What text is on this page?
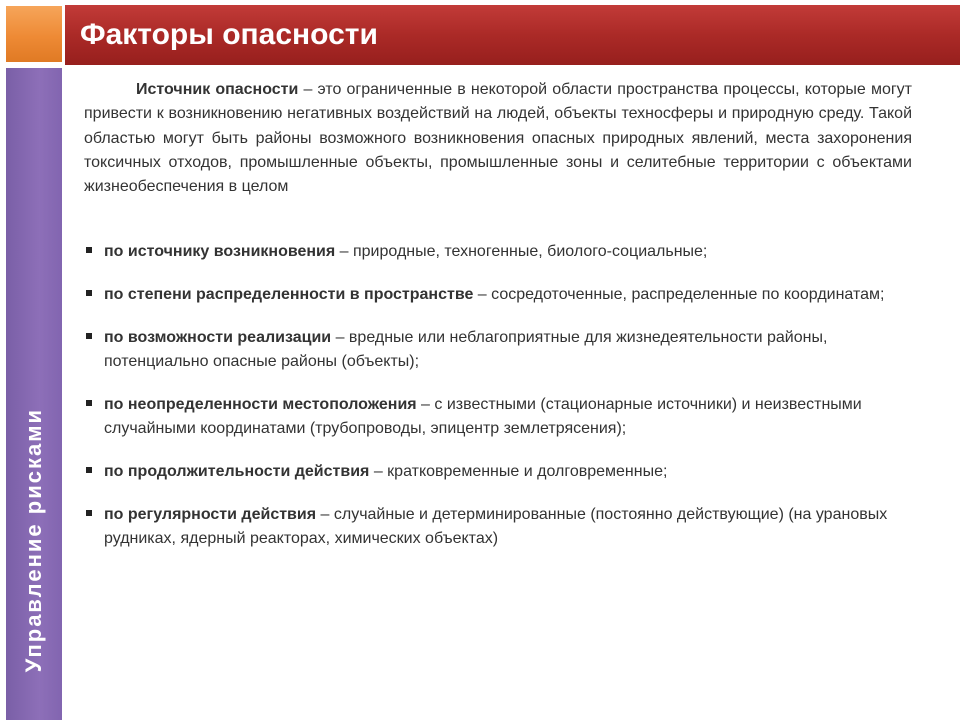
Факторы опасности
Управление рисками

Источник опасности – это ограниченные в некоторой области пространства процессы, которые могут привести к возникновению негативных воздействий на людей, объекты техносферы и природную среду. Такой областью могут быть районы возможного возникновения опасных природных явлений, места захоронения токсичных отходов, промышленные объекты, промышленные зоны и селитебные территории с объектами жизнеобеспечения в целом

по источнику возникновения – природные, техногенные, биолого-социальные;
по степени распределенности в пространстве – сосредоточенные, распределенные по координатам;
по возможности реализации – вредные или неблагоприятные для жизнедеятельности районы, потенциально опасные районы (объекты);
по неопределенности местоположения – с известными (стационарные источники) и неизвестными случайными координатами (трубопроводы, эпицентр землетрясения);
по продолжительности действия – кратковременные и долговременные;
по регулярности действия – случайные и детерминированные (постоянно действующие) (на урановых рудниках, ядерный реакторах, химических объектах)
